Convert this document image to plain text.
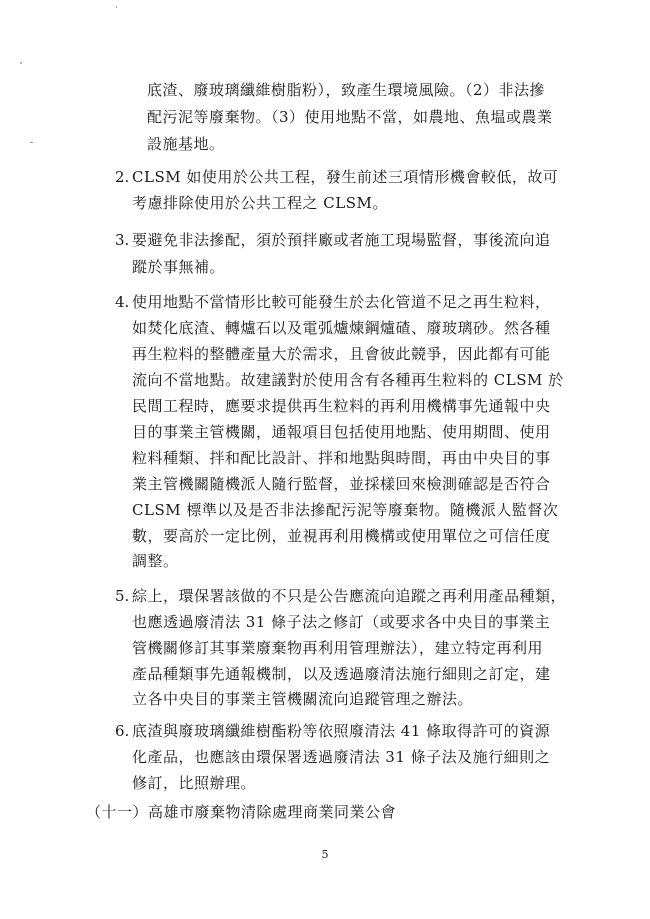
底渣、廢玻璃纖維樹脂粉），致產生環境風險。（2）非法摻
配污泥等廢棄物。（3）使用地點不當，如農地、魚塭或農業
設施基地。
2. CLSM 如使用於公共工程，發生前述三項情形機會較低，故可
考慮排除使用於公共工程之 CLSM。
3. 要避免非法摻配，須於預拌廠或者施工現場監督，事後流向追
蹤於事無補。
4. 使用地點不當情形比較可能發生於去化管道不足之再生粒料，
如焚化底渣、轉爐石以及電弧爐煉鋼爐碴、廢玻璃砂。然各種
再生粒料的整體產量大於需求，且會彼此競爭，因此都有可能
流向不當地點。故建議對於使用含有各種再生粒料的 CLSM 於
民間工程時，應要求提供再生粒料的再利用機構事先通報中央
目的事業主管機關，通報項目包括使用地點、使用期間、使用
粒料種類、拌和配比設計、拌和地點與時間，再由中央目的事
業主管機關隨機派人隨行監督，並採樣回來檢測確認是否符合
CLSM 標準以及是否非法摻配污泥等廢棄物。隨機派人監督次
數，要高於一定比例，並視再利用機構或使用單位之可信任度
調整。
5. 綜上，環保署該做的不只是公告應流向追蹤之再利用產品種類，
也應透過廢清法 31 條子法之修訂（或要求各中央目的事業主
管機關修訂其事業廢棄物再利用管理辦法），建立特定再利用
產品種類事先通報機制，以及透過廢清法施行細則之訂定，建
立各中央目的事業主管機關流向追蹤管理之辦法。
6. 底渣與廢玻璃纖維樹酯粉等依照廢清法 41 條取得許可的資源
化產品，也應該由環保署透過廢清法 31 條子法及施行細則之
修訂，比照辦理。
（十一）高雄市廢棄物清除處理商業同業公會
5
